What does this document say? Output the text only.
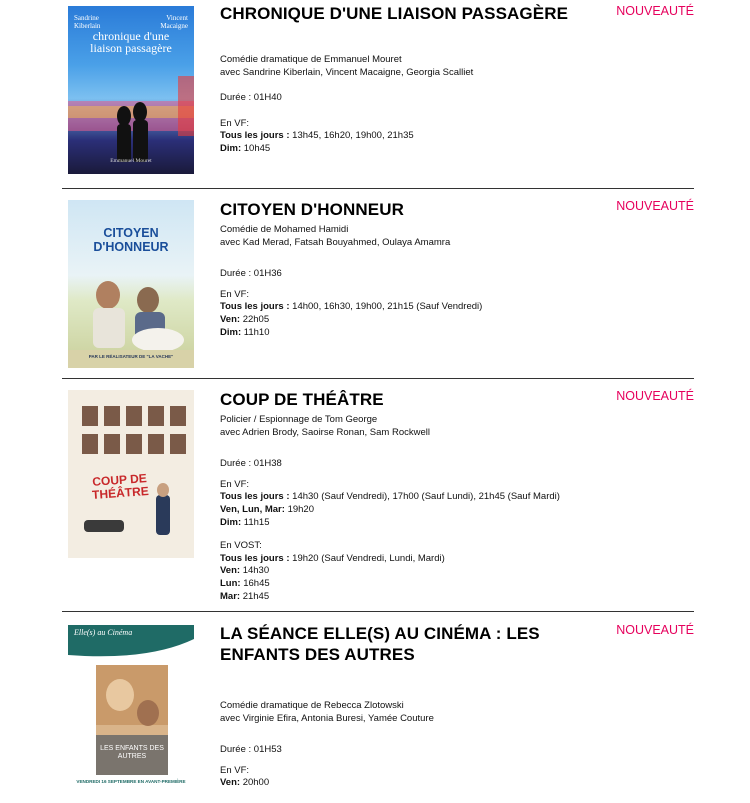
Sandrine Kiberlain
Vincent Macaigne
chronique d'une liaison passagère
Emmanuel Mouret
CHRONIQUE D'UNE LIAISON PASSAGÈRE	NOUVEAUTÉ

Comédie dramatique de Emmanuel Mouret

avec Sandrine Kiberlain, Vincent Macaigne, Georgia Scalliet

Durée : 01H40

En VF:

Tous les jours : 13h45, 16h20, 19h00, 21h35

Dim: 10h45

CITOYEN D'HONNEUR
PAR LE RÉALISATEUR DE "LA VACHE"
CITOYEN D'HONNEUR	NOUVEAUTÉ

Comédie de Mohamed Hamidi

avec Kad Merad, Fatsah Bouyahmed, Oulaya Amamra

Durée : 01H36

En VF:

Tous les jours : 14h00, 16h30, 19h00, 21h15 (Sauf Vendredi)

Ven: 22h05

Dim: 11h10

COUP DE THÉÂTRE
COUP DE THÉÂTRE	NOUVEAUTÉ

Policier / Espionnage de Tom George

avec Adrien Brody, Saoirse Ronan, Sam Rockwell

Durée : 01H38

En VF:

Tous les jours : 14h30 (Sauf Vendredi), 17h00 (Sauf Lundi), 21h45 (Sauf Mardi)

Ven, Lun, Mar: 19h20

Dim: 11h15

En VOST:

Tous les jours : 19h20 (Sauf Vendredi, Lundi, Mardi)

Ven: 14h30

Lun: 16h45

Mar: 21h45

Elle(s) au Cinéma
LES ENFANTS DES AUTRES
VENDREDI 16 SEPTEMBRE EN AVANT-PREMIÈRE
LA SÉANCE ELLE(S) AU CINÉMA : LES
ENFANTS DES AUTRES
NOUVEAUTÉ

Comédie dramatique de Rebecca Zlotowski

avec Virginie Efira, Antonia Buresi, Yamée Couture

Durée : 01H53

En VF:

Ven: 20h00
